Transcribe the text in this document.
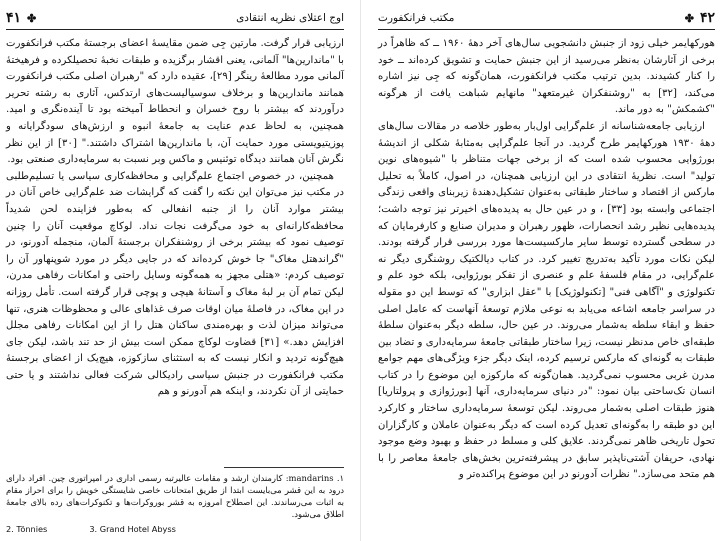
اوج اعتلای نظریه انتقادی
✤
۴۱

ارزیابی قرار گرفت. مارتین جِی ضمن مقایسهٔ اعضای برجستهٔ مکتب فرانکفورت با "ماندارین‌ها" آلمانی، یعنی اقشار برگزیده و طبقات نخبهٔ تحصیلکرده و فرهیختهٔ آلمانی مورد مطالعهٔ رینگر [۲۹]، عقیده دارد که "رهبران اصلی مکتب فرانکفورت همانند ماندارین‌ها و برخلاف سوسیالیست‌های ارتدکس، آثاری به رشته تحریر درآوردند که بیشتر با روح خسران و انحطاط آمیخته بود تا آینده‌نگری و امید. همچنین، به لحاظ عدم عنایت به جامعهٔ انبوه و ارزش‌های سودگرایانه و پوزیتیویستی مورد حمایت آن، با ماندارین‌ها اشتراک داشتند." [۳۰] از این نظر نگرش آنان همانند دیدگاه توئنیس و ماکس وبر نسبت به سرمایه‌داری صنعتی بود.

همچنین، در خصوص اجتماع علم‌گرایی و محافظه‌کاری سیاسی یا تسلیم‌طلبی در مکتب نیز می‌توان این نکته را گفت که گرایشات ضد علم‌گرایی خاص آنان در بیشتر موارد آنان را از جنبه انفعالی که به‌طور فزاینده لحن شدیداً محافظه‌کارانه‌ای به خود می‌گرفت نجات نداد. لوکاچ موقعیت آنان را چنین توصیف نمود که بیشتر برخی از روشنفکران برجستهٔ آلمان، منجمله آدورنو، در "گراندهتل مغاک" جا خوش کرده‌اند که در جایی دیگر در مورد شوپنهاور آن را توصیف کردم: «هتلی مجهز به همه‌گونه وسایل راحتی و امکانات رفاهی مدرن، لیکن تمام آن بر لبهٔ مغاک و آستانهٔ هیچی و پوچی قرار گرفته است. تأمل روزانه در این مغاک، در فاصلهٔ میان اوقات صرف غذاهای عالی و محظوظات هنری، تنها می‌تواند میزان لذت و بهره‌مندی ساکنان هتل را از این امکانات رفاهی مجلل افزایش دهد.» [۳۱] قضاوت لوکاچ ممکن است بیش از حد تند باشد، لیکن جای هیچ‌گونه تردید و انکار نیست که به استثنای ساز‌کوزه، هیچ‌یک از اعضای برجستهٔ مکتب فرانکفورت در جنبش سیاسی رادیکالی شرکت فعالی نداشتند و یا حتی حمایتی از آن نکردند، و اینکه هم آدورنو و هم

۱. mandarins: کارمندان ارشد و مقامات عالیرتبه رسمی اداری در امپراتوری چین. افراد دارای درود به این قشر می‌بایست ابتدا از طریق امتحانات خاصی شایستگی خویش را برای احراز مقام به اثبات می‌رساندند. این اصطلاح امروزه به قشر بوروکرات‌ها و تکنوکرات‌های رده بالای جامعهٔ اطلاق می‌شود.
2. Tönnies	3. Grand Hotel Abyss
۴۲
✤
مکتب فرانکفورت

هورکهایمر خیلی زود از جنبش دانشجویی سال‌های آخر دههٔ ۱۹۶۰ ــ که ظاهراً در برخی از آثارشان به‌نظر می‌رسید از این جنبش حمایت و تشویق کرده‌اند ــ خود را کنار کشیدند. بدین ترتیب مکتب فرانکفورت، همان‌گونه که جِی نیز اشاره می‌کند، [۳۲] به "روشنفکران غیرمتعهد" مانهایم شباهت یافت از هرگونه "کشمکش" به دور ماند.

ارزیابی جامعه‌شناسانه از علم‌گرایی اول‌بار به‌طور خلاصه در مقالات سال‌های دههٔ ۱۹۳۰ هورکهایمر طرح گردید. در آنجا علم‌گرایی به‌مثابهٔ شکلی از اندیشهٔ بورژوایی محسوب شده است که از برخی جهات متناظر با "شیوه‌های نوین تولید" است. نظریهٔ انتقادی در این ارزیابی همچنان، در اصول، کاملاً به تحلیل مارکس از اقتصاد و ساختار طبقاتی به‌عنوان تشکیل‌دهندهٔ زیربنای واقعی زندگی اجتماعی وابسته بود [۳۳] ، و در عین حال به پدیده‌های اخیرتر نیز توجه داشت؛ پدیده‌هایی نظیر رشد انحصارات، ظهور رهبران و مدیران صنایع و کارفرمایان که در سطحی گسترده توسط سایر مارکسیست‌ها مورد بررسی قرار گرفته بودند. لیکن نکات مورد تأکید به‌تدریج تغییر کرد. در کتاب دیالکتیک روشنگری دیگر نه علم‌گرایی، در مقام فلسفهٔ علم و عنصری از تفکر بورژوایی، بلکه خود علم و تکنولوژی و "آگاهی فنی" [تکنولوژیک] با "عقل ابزاری" که توسط این دو مقوله در سراسر جامعه اشاعه می‌یابد به نوعی ملازم توسعهٔ آنهاست که عامل اصلی حفظ و ابقاء سلطه به‌شمار می‌روند. در عین حال، سلطه دیگر به‌عنوان سلطهٔ طبقه‌ای خاص مدنظر نیست، زیرا ساختار طبقاتی جامعهٔ سرمایه‌داری و تضاد بین طبقات به گونه‌ای که مارکس ترسیم کرده، اینک دیگر جزء ویژگی‌های مهم جوامع مدرن غربی محسوب نمی‌گردید. همان‌گونه که مارکوزه این موضوع را در کتاب انسان تک‌ساحتی بیان نمود: "در دنیای سرمایه‌داری، آنها [بورژوازی و پرولتاریا] هنوز طبقات اصلی به‌شمار می‌روند. لیکن توسعهٔ سرمایه‌داری ساختار و کارکرد این دو طبقه را به‌گونه‌ای تعدیل کرده است که دیگر به‌عنوان عاملان و کارگزاران تحول تاریخی ظاهر نمی‌گردند. علایق کلی و مسلط در حفظ و بهبود وضع موجود نهادی، حریفان آشتی‌ناپذیر سابق در پیشرفته‌ترین بخش‌های جامعهٔ معاصر را با هم متحد می‌سازد." نظرات آدورنو در این موضوع پراکنده‌تر و
